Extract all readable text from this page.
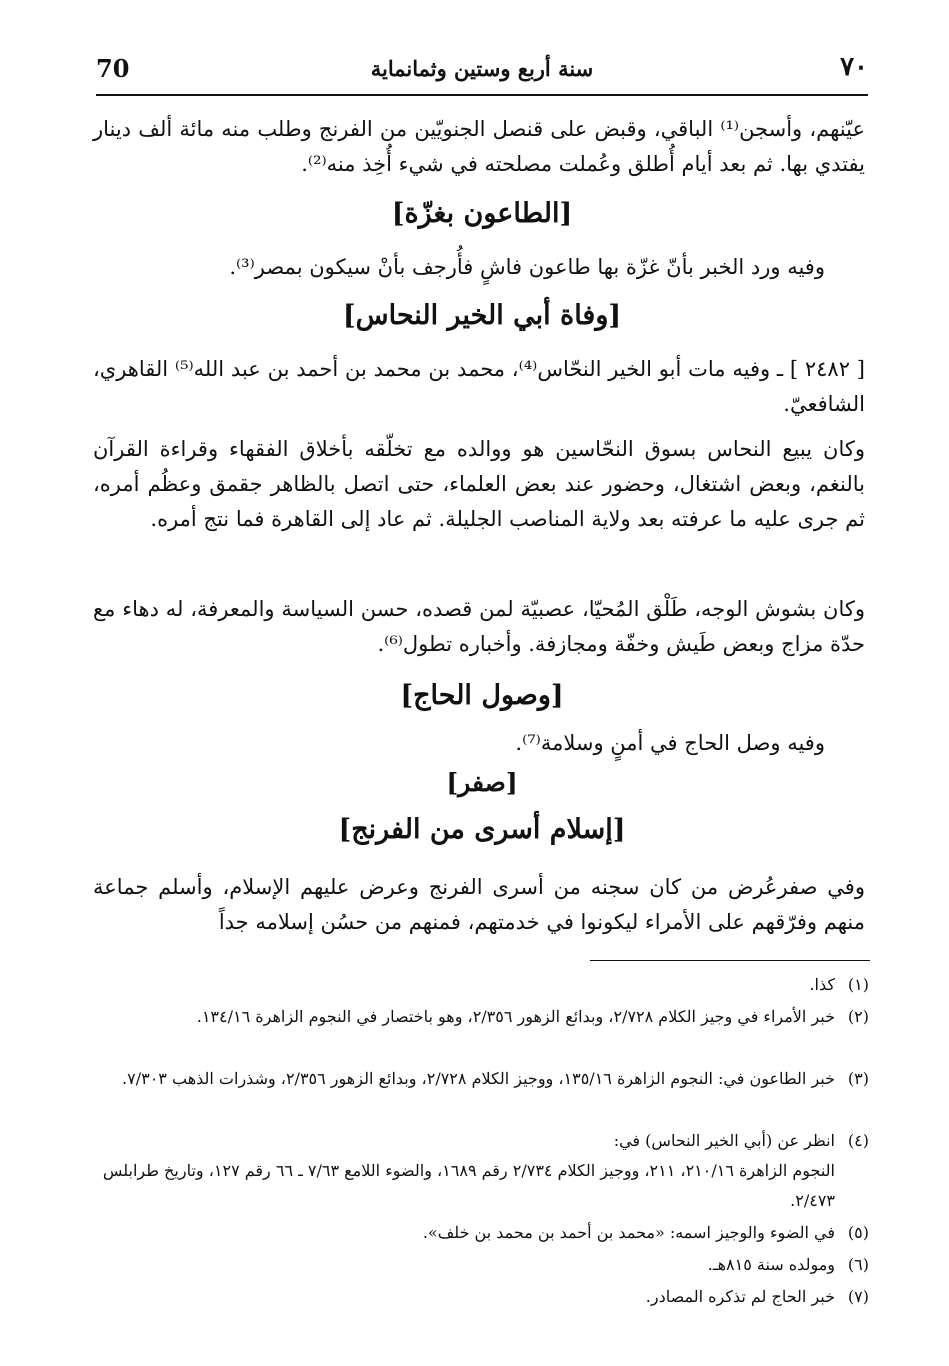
70	سنة أربع وستين وثمانماية	٧٠
عيّنهم، وأسجن⁽¹⁾ الباقي، وقبض على قنصل الجنويّين من الفرنج وطلب منه مائة ألف دينار يفتدي بها. ثم بعد أيام أُطلق وعُملت مصلحته في شيء أُخِذ منه⁽²⁾.
[الطاعون بغزّة]
وفيه ورد الخبر بأنّ غزّة بها طاعون فاشٍ فأُرجف بأنْ سيكون بمصر⁽³⁾.
[وفاة أبي الخير النحاس]
[ ٢٤٨٢ ] ـ وفيه مات أبو الخير النحّاس⁽⁴⁾، محمد بن محمد بن أحمد بن عبد الله⁽⁵⁾ القاهري، الشافعيّ.
وكان يبيع النحاس بسوق النحّاسين هو ووالده مع تخلّقه بأخلاق الفقهاء وقراءة القرآن بالنغم، وبعض اشتغال، وحضور عند بعض العلماء، حتى اتصل بالظاهر جقمق وعظُم أمره، ثم جرى عليه ما عرفته بعد ولاية المناصب الجليلة. ثم عاد إلى القاهرة فما نتج أمره.
وكان بشوش الوجه، طَلْق المُحيّا، عصبيّة لمن قصده، حسن السياسة والمعرفة، له دهاء مع حدّة مزاج وبعض طَيش وخفّة ومجازفة. وأخباره تطول⁽⁶⁾.
[وصول الحاج]
وفيه وصل الحاج في أمنٍ وسلامة⁽⁷⁾.
[صفر]
[إسلام أسرى من الفرنج]
وفي صفرعُرض من كان سجنه من أسرى الفرنج وعرض عليهم الإسلام، وأسلم جماعة منهم وفرّقهم على الأمراء ليكونوا في خدمتهم، فمنهم من حسُن إسلامه جداً
(١)كذا.
(٢)خبر الأمراء في وجيز الكلام ٢/٧٢٨، وبدائع الزهور ٢/٣٥٦، وهو باختصار في النجوم الزاهرة ١٣٤/١٦.
(٣)خبر الطاعون في: النجوم الزاهرة ١٣٥/١٦، ووجيز الكلام ٢/٧٢٨، وبدائع الزهور ٢/٣٥٦، وشذرات الذهب ٧/٣٠٣.
(٤)انظر عن (أبي الخير النحاس) في:
النجوم الزاهرة ٢١٠/١٦، ٢١١، ووجيز الكلام ٢/٧٣٤ رقم ١٦٨٩، والضوء اللامع ٧/٦٣ ـ ٦٦ رقم ١٢٧، وتاريخ طرابلس ٢/٤٧٣.
(٥)في الضوء والوجيز اسمه: «محمد بن أحمد بن محمد بن خلف».
(٦)ومولده سنة ٨١٥هـ.
(٧)خبر الحاج لم تذكره المصادر.
